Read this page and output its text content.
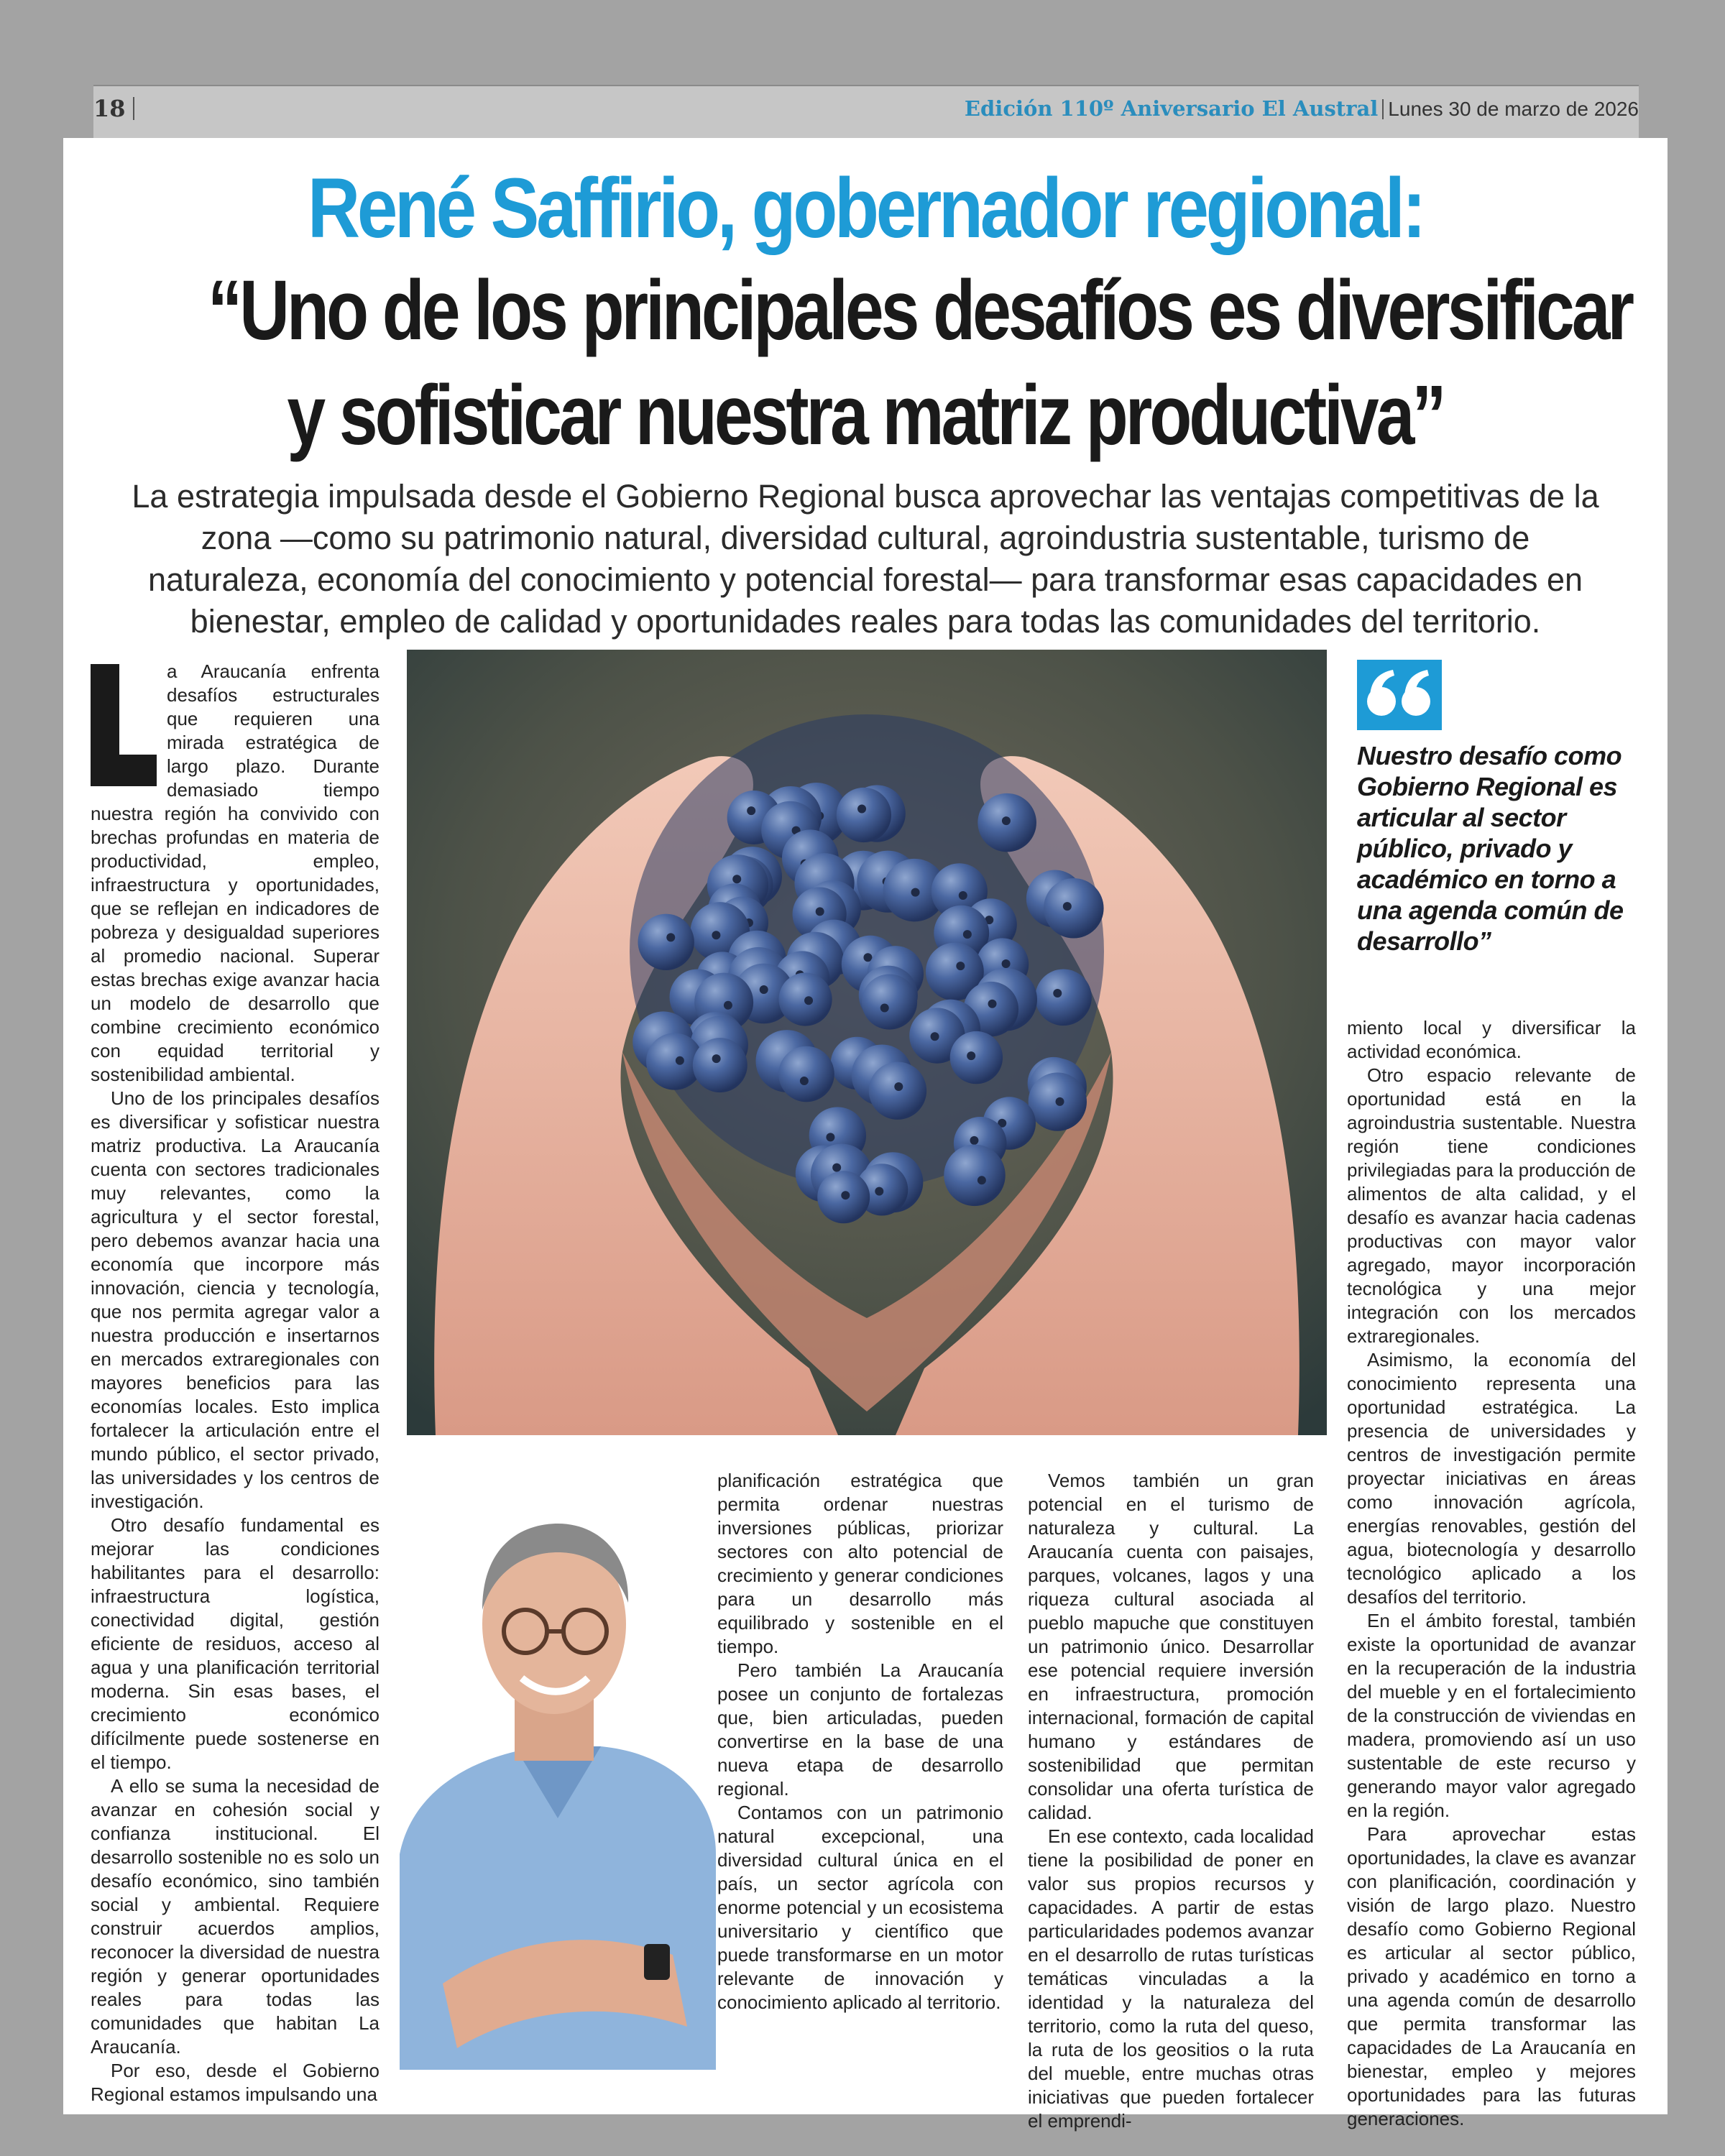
18	Edición 110º Aniversario El Austral Lunes 30 de marzo de 2026
René Saffirio, gobernador regional:
“Uno de los principales desafíos es diversificar
y sofisticar nuestra matriz productiva”
La estrategia impulsada desde el Gobierno Regional busca aprovechar las ventajas competitivas de la zona —como su patrimonio natural, diversidad cultural, agroindustria sustentable, turismo de naturaleza, economía del conocimiento y potencial forestal— para transformar esas capacidades en bienestar, empleo de calidad y oportunidades reales para todas las comunidades del territorio.

a Araucanía enfrenta desafíos estructurales que requieren una mirada estratégica de largo plazo. Durante demasiado tiempo nuestra región ha convivido con brechas profundas en materia de productividad, empleo, infraestructura y oportunidades, que se reflejan en indicadores de pobreza y desigualdad superiores al promedio nacional. Superar estas brechas exige avanzar hacia un modelo de desarrollo que combine crecimiento económico con equidad territorial y sostenibilidad ambiental.

Uno de los principales desafíos es diversificar y sofisticar nuestra matriz productiva. La Araucanía cuenta con sectores tradicionales muy relevantes, como la agricultura y el sector forestal, pero debemos avanzar hacia una economía que incorpore más innovación, ciencia y tecnología, que nos permita agregar valor a nuestra producción e insertarnos en mercados extraregionales con mayores beneficios para las economías locales. Esto implica fortalecer la articulación entre el mundo público, el sector privado, las universidades y los centros de investigación.

Otro desafío fundamental es mejorar las condiciones habilitantes para el desarrollo: infraestructura logística, conectividad digital, gestión eficiente de residuos, acceso al agua y una planificación territorial moderna. Sin esas bases, el crecimiento económico difícilmente puede sostenerse en el tiempo.

A ello se suma la necesidad de avanzar en cohesión social y confianza institucional. El desarrollo sostenible no es solo un desafío económico, sino también social y ambiental. Requiere construir acuerdos amplios, reconocer la diversidad de nuestra región y generar oportunidades reales para todas las comunidades que habitan La Araucanía.

Por eso, desde el Gobierno Regional estamos impulsando una

planificación estratégica que permita ordenar nuestras inversiones públicas, priorizar sectores con alto potencial de crecimiento y generar condiciones para un desarrollo más equilibrado y sostenible en el tiempo.

Pero también La Araucanía posee un conjunto de fortalezas que, bien articuladas, pueden convertirse en la base de una nueva etapa de desarrollo regional.

Contamos con un patrimonio natural excepcional, una diversidad cultural única en el país, un sector agrícola con enorme potencial y un ecosistema universitario y científico que puede transformarse en un motor relevante de innovación y conocimiento aplicado al territorio.

Vemos también un gran potencial en el turismo de naturaleza y cultural. La Araucanía cuenta con paisajes, parques, volcanes, lagos y una riqueza cultural asociada al pueblo mapuche que constituyen un patrimonio único. Desarrollar ese potencial requiere inversión en infraestructura, promoción internacional, formación de capital humano y estándares de sostenibilidad que permitan consolidar una oferta turística de calidad.

En ese contexto, cada localidad tiene la posibilidad de poner en valor sus propios recursos y capacidades. A partir de estas particularidades podemos avanzar en el desarrollo de rutas turísticas temáticas vinculadas a la identidad y la naturaleza del territorio, como la ruta del queso, la ruta de los geositios o la ruta del mueble, entre muchas otras iniciativas que pueden fortalecer el emprendi-

Nuestro desafío como Gobierno Regional es articular al sector público, privado y académico en torno a una agenda común de desarrollo”

miento local y diversificar la actividad económica.

Otro espacio relevante de oportunidad está en la agroindustria sustentable. Nuestra región tiene condiciones privilegiadas para la producción de alimentos de alta calidad, y el desafío es avanzar hacia cadenas productivas con mayor valor agregado, mayor incorporación tecnológica y una mejor integración con los mercados extraregionales.

Asimismo, la economía del conocimiento representa una oportunidad estratégica. La presencia de universidades y centros de investigación permite proyectar iniciativas en áreas como innovación agrícola, energías renovables, gestión del agua, biotecnología y desarrollo tecnológico aplicado a los desafíos del territorio.

En el ámbito forestal, también existe la oportunidad de avanzar en la recuperación de la industria del mueble y en el fortalecimiento de la construcción de viviendas en madera, promoviendo así un uso sustentable de este recurso y generando mayor valor agregado en la región.

Para aprovechar estas oportunidades, la clave es avanzar con planificación, coordinación y visión de largo plazo. Nuestro desafío como Gobierno Regional es articular al sector público, privado y académico en torno a una agenda común de desarrollo que permita transformar las capacidades de La Araucanía en bienestar, empleo y mejores oportunidades para las futuras generaciones.
